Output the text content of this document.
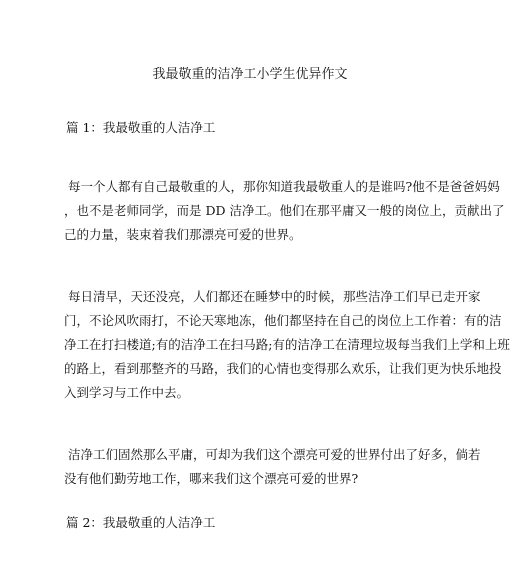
我最敬重的洁净工小学生优异作文
篇 1：我最敬重的人洁净工
每一个人都有自己最敬重的人，那你知道我最敬重人的是谁吗?他不是爸爸妈妈
，也不是老师同学，而是 DD 洁净工。他们在那平庸又一般的岗位上，贡献出了
己的力量，装束着我们那漂亮可爱的世界。
每日清早，天还没亮，人们都还在睡梦中的时候，那些洁净工们早已走开家
门，不论风吹雨打，不论天寒地冻，他们都坚持在自己的岗位上工作着：有的洁
净工在打扫楼道;有的洁净工在扫马路;有的洁净工在清理垃圾每当我们上学和上班
的路上，看到那整齐的马路，我们的心情也变得那么欢乐，让我们更为快乐地投
入到学习与工作中去。
洁净工们固然那么平庸，可却为我们这个漂亮可爱的世界付出了好多，倘若
没有他们勤劳地工作，哪来我们这个漂亮可爱的世界?
篇 2：我最敬重的人洁净工
